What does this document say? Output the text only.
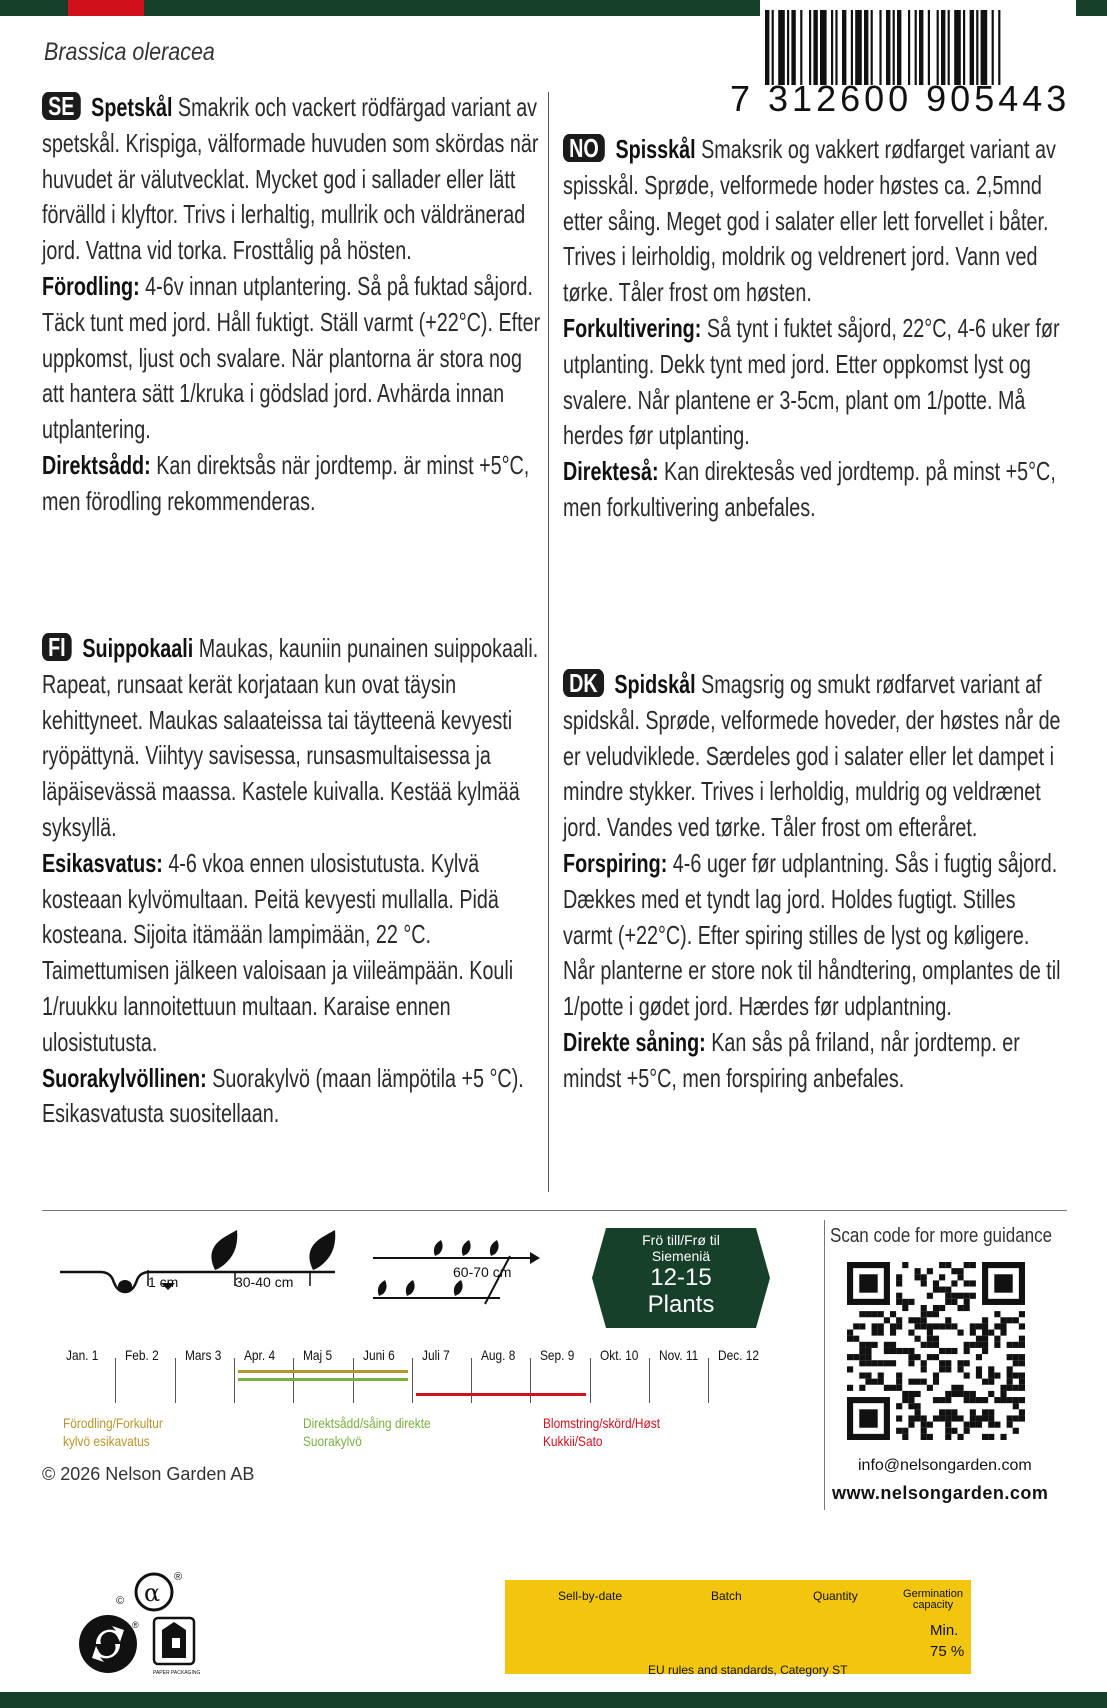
7 312600 905443
Brassica oleracea
SE Spetskål Smakrik och vackert rödfärgad variant av spetskål. Krispiga, välformade huvuden som skördas när huvudet är välutvecklat. Mycket god i sallader eller lätt förvälld i klyftor. Trivs i lerhaltig, mullrik och väldränerad jord. Vattna vid torka. Frosttålig på hösten.
Förodling: 4-6v innan utplantering. Så på fuktad såjord. Täck tunt med jord. Håll fuktigt. Ställ varmt (+22°C). Efter uppkomst, ljust och svalare. När plantorna är stora nog att hantera sätt 1/kruka i gödslad jord. Avhärda innan utplantering.
Direktsådd: Kan direktsås när jordtemp. är minst +5°C, men förodling rekommenderas.
NO Spisskål Smaksrik og vakkert rødfarget variant av spisskål. Sprøde, velformede hoder høstes ca. 2,5mnd etter såing. Meget god i salater eller lett forvellet i båter. Trives i leirholdig, moldrik og veldrenert jord. Vann ved tørke. Tåler frost om høsten.
Forkultivering: Så tynt i fuktet såjord, 22°C, 4-6 uker før utplanting. Dekk tynt med jord. Etter oppkomst lyst og svalere. Når plantene er 3-5cm, plant om 1/potte. Må herdes før utplanting.
Direkteså: Kan direktesås ved jordtemp. på minst +5°C, men forkultivering anbefales.
FI Suippokaali Maukas, kauniin punainen suippokaali. Rapeat, runsaat kerät korjataan kun ovat täysin kehittyneet. Maukas salaateissa tai täytteenä kevyesti ryöpättynä. Viihtyy savisessa, runsasmultaisessa ja läpäisevässä maassa. Kastele kuivalla. Kestää kylmää syksyllä.
Esikasvatus: 4-6 vkoa ennen ulosistutusta. Kylvä kosteaan kylvömultaan. Peitä kevyesti mullalla. Pidä kosteana. Sijoita itämään lampimään, 22 °C. Taimettumisen jälkeen valoisaan ja viileämpään. Kouli 1/ruukku lannoitettuun multaan. Karaise ennen ulosistutusta.
Suorakylvöllinen: Suorakylvö (maan lämpötila +5 °C). Esikasvatusta suositellaan.
DK Spidskål Smagsrig og smukt rødfarvet variant af spidskål. Sprøde, velformede hoveder, der høstes når de er veludviklede. Særdeles god i salater eller let dampet i mindre stykker. Trives i lerholdig, muldrig og veldrænet jord. Vandes ved tørke. Tåler frost om efteråret.
Forspiring: 4-6 uger før udplantning. Sås i fugtig såjord. Dækkes med et tyndt lag jord. Holdes fugtigt. Stilles varmt (+22°C). Efter spiring stilles de lyst og køligere. Når planterne er store nok til håndtering, omplantes de til 1/potte i gødet jord. Hærdes før udplantning.
Direkte såning: Kan sås på friland, når jordtemp. er mindst +5°C, men forspiring anbefales.
1 cm	30-40 cm
60-70 cm
Frö till/Frø til
Siemeniä
12-15
Plants
Jan. 1	Feb. 2	Mars 3	Apr. 4	Maj 5	Juni 6	Juli 7	Aug. 8	Sep. 9	Okt. 10	Nov. 11	Dec. 12
Förodling/Forkultur
kylvö esikavatus
Direktsådd/såing direkte
Suorakylvö
Blomstring/skörd/Høst
Kukkii/Sato
© 2026 Nelson Garden AB
Scan code for more guidance
info@nelsongarden.com
www.nelsongarden.com
α
®
©
®
PAPER PACKAGING
Sell-by-date	Batch	Quantity	Germination
capacity
Min.
75 %
EU rules and standards, Category ST
